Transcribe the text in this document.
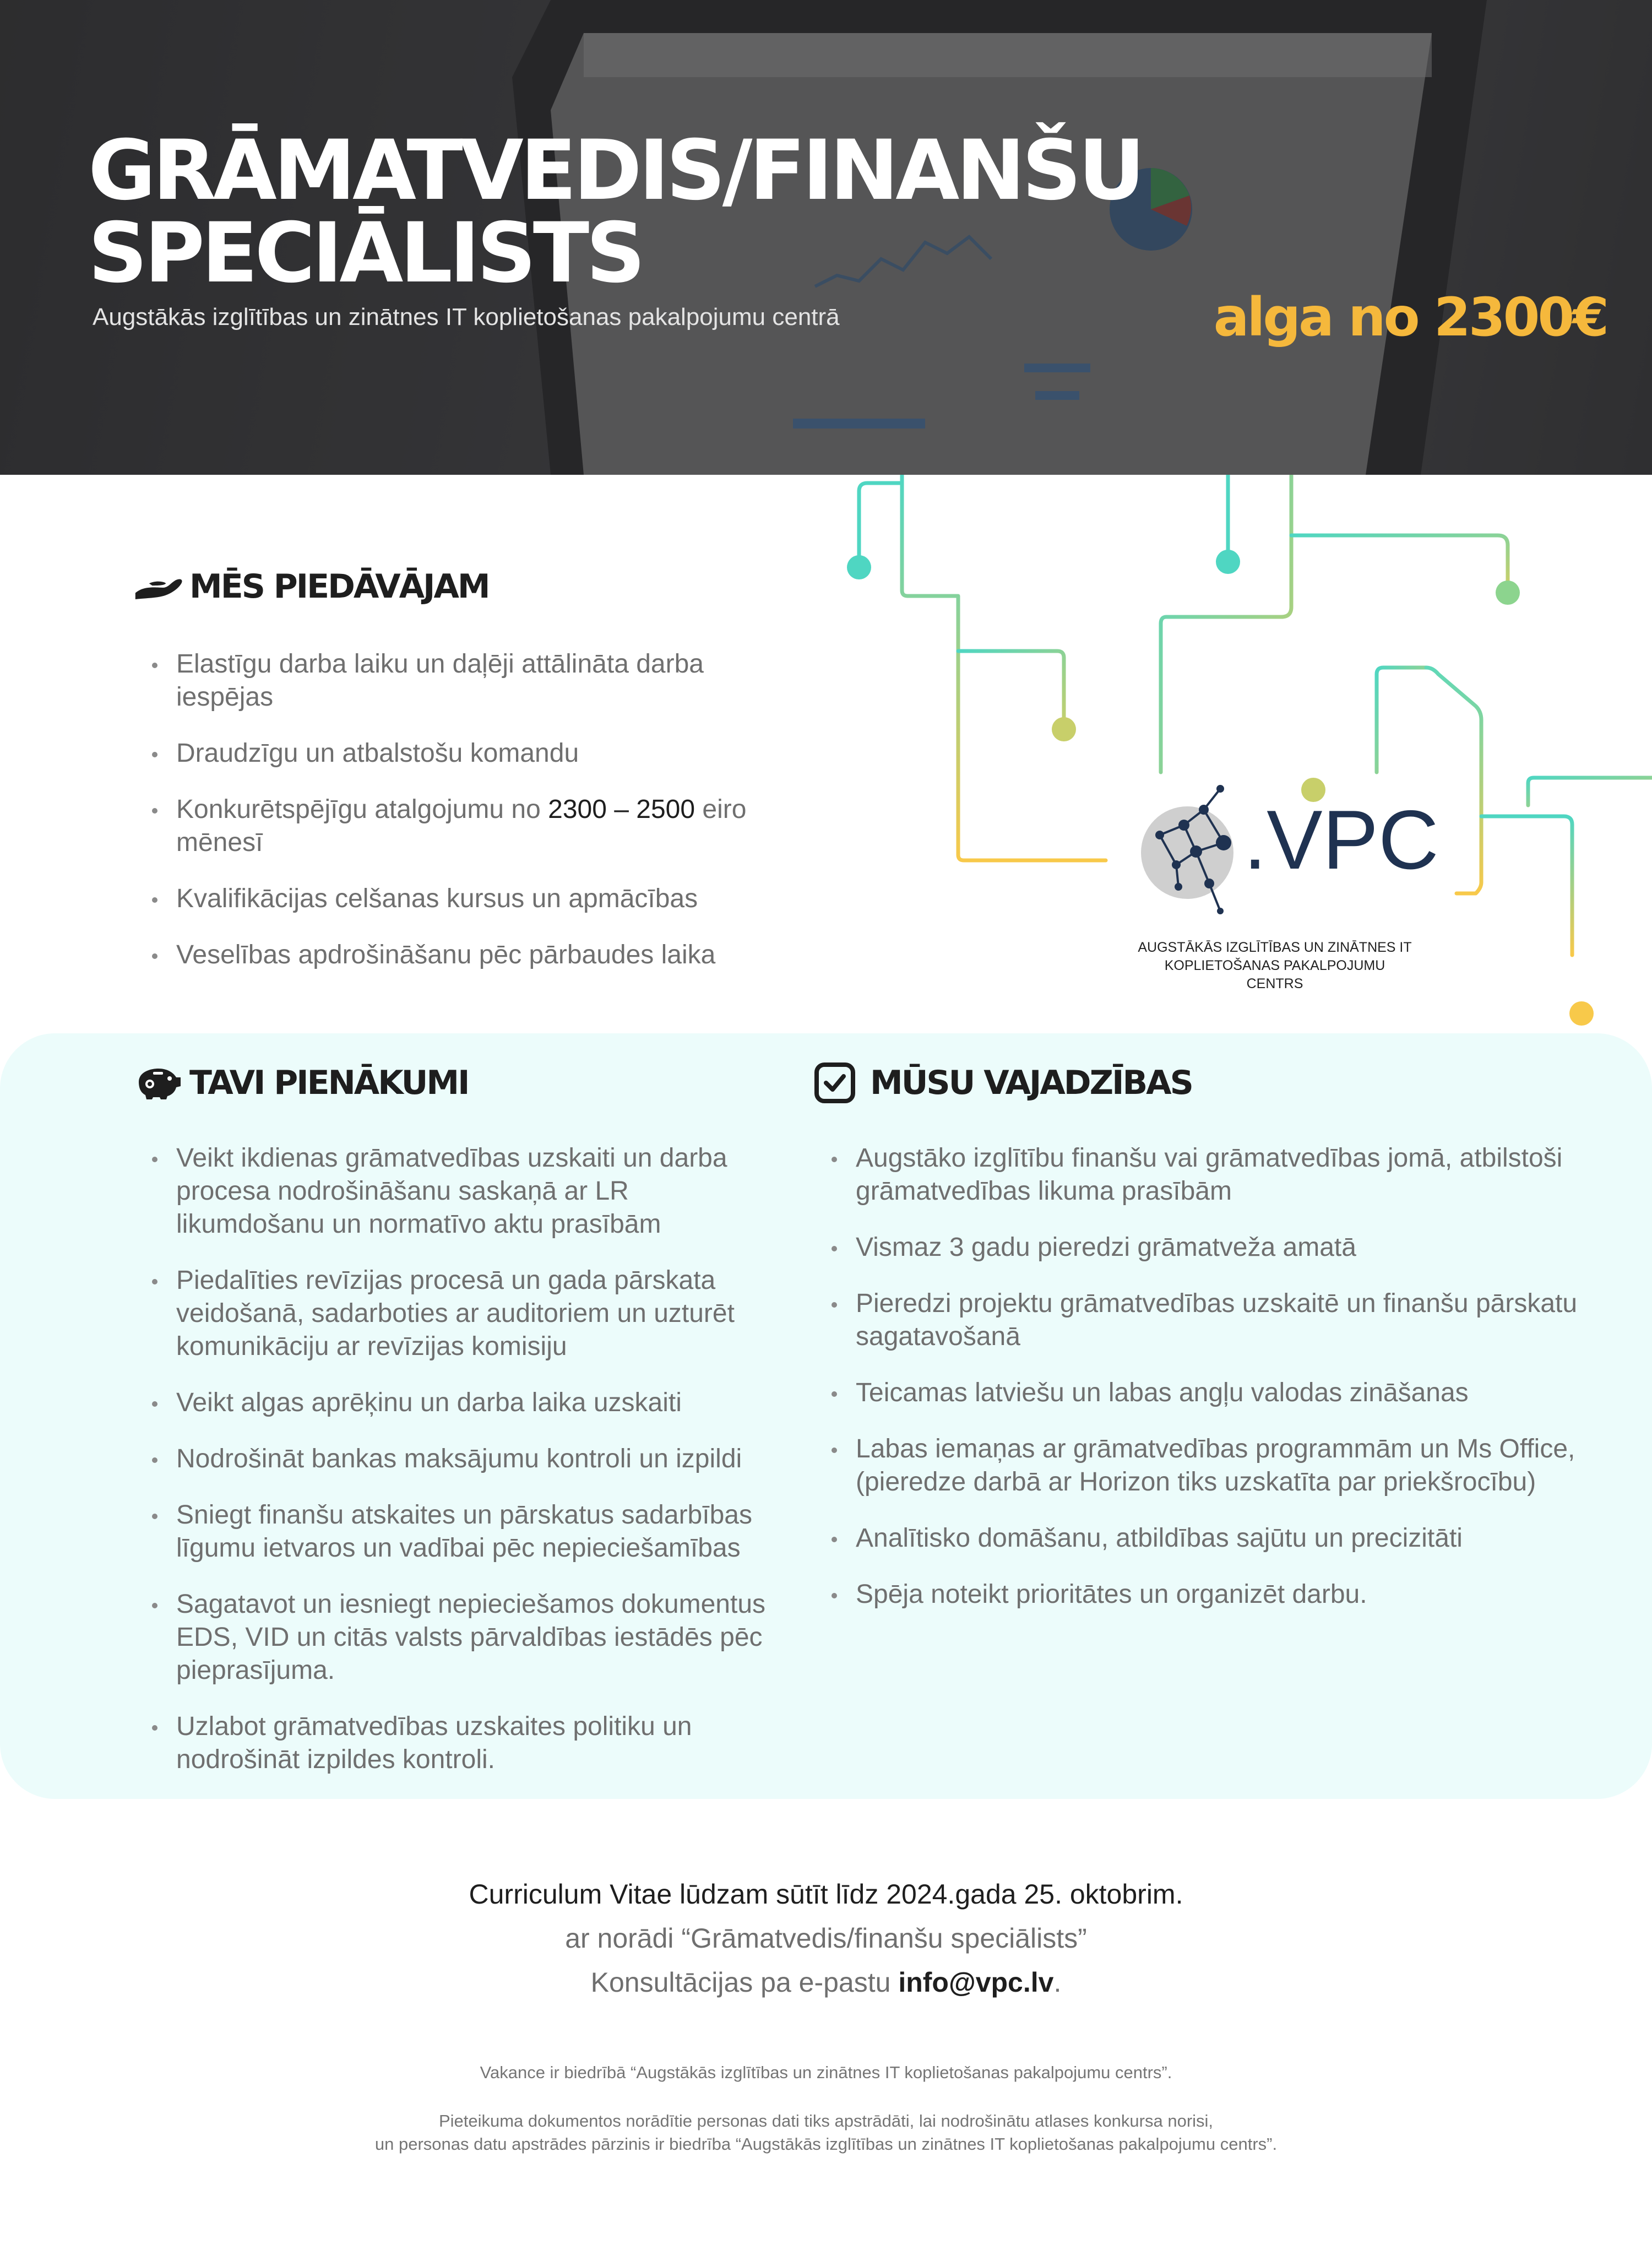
GRĀMATVEDIS/FINANŠU
SPECIĀLISTS

Augstākās izglītības un zinātnes IT koplietošanas pakalpojumu centrā	alga no 2300€

MĒS PIEDĀVĀJAM
Elastīgu darba laiku un daļēji attālināta darba iespējas
Draudzīgu un atbalstošu komandu
Konkurētspējīgu atalgojumu no 2300 – 2500 eiro mēnesī
Kvalifikācijas celšanas kursus un apmācības
Veselības apdrošināšanu pēc pārbaudes laika

.VPC

AUGSTĀKĀS IZGLĪTĪBAS UN ZINĀTNES IT
KOPLIETOŠANAS PAKALPOJUMU CENTRS

TAVI PIENĀKUMI
Veikt ikdienas grāmatvedības uzskaiti un darba procesa nodrošināšanu saskaņā ar LR likumdošanu un normatīvo aktu prasībām
Piedalīties revīzijas procesā un gada pārskata veidošanā, sadarboties ar auditoriem un uzturēt komunikāciju ar revīzijas komisiju
Veikt algas aprēķinu un darba laika uzskaiti
Nodrošināt bankas maksājumu kontroli un izpildi
Sniegt finanšu atskaites un pārskatus sadarbības līgumu ietvaros un vadībai pēc nepieciešamības
Sagatavot un iesniegt nepieciešamos dokumentus EDS, VID un citās valsts pārvaldības iestādēs pēc pieprasījuma.
Uzlabot grāmatvedības uzskaites politiku un nodrošināt izpildes kontroli.
MŪSU VAJADZĪBAS
Augstāko izglītību finanšu vai grāmatvedības jomā, atbilstoši grāmatvedības likuma prasībām
Vismaz 3 gadu pieredzi grāmatveža amatā
Pieredzi projektu grāmatvedības uzskaitē un finanšu pārskatu sagatavošanā
Teicamas latviešu un labas angļu valodas zināšanas
Labas iemaņas ar grāmatvedības programmām un Ms Office, (pieredze darbā ar Horizon tiks uzskatīta par priekšrocību)
Analītisko domāšanu, atbildības sajūtu un precizitāti
Spēja noteikt prioritātes un organizēt darbu.

Curriculum Vitae lūdzam sūtīt līdz 2024.gada 25. oktobrim.

ar norādi “Grāmatvedis/finanšu speciālists”

Konsultācijas pa e-pastu info@vpc.lv.

Vakance ir biedrībā “Augstākās izglītības un zinātnes IT koplietošanas pakalpojumu centrs”.

Pieteikuma dokumentos norādītie personas dati tiks apstrādāti, lai nodrošinātu atlases konkursa norisi,
un personas datu apstrādes pārzinis ir biedrība “Augstākās izglītības un zinātnes IT koplietošanas pakalpojumu centrs”.
